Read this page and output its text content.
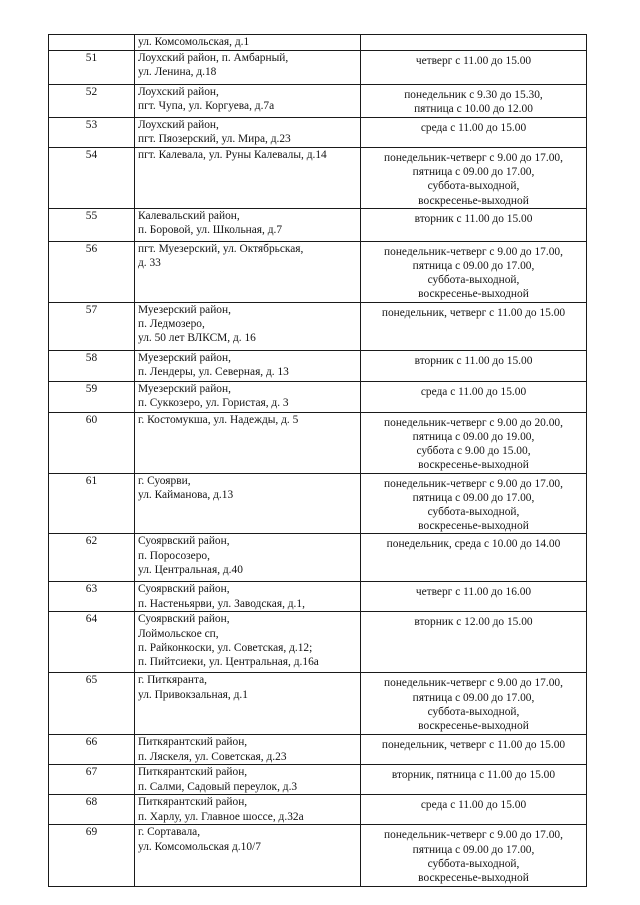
	ул. Комсомольская, д.1	

51	Лоухский район, п. Амбарный,
ул. Ленина, д.18	четверг с 11.00 до 15.00

52	Лоухский район,
пгт. Чупа, ул. Коргуева, д.7а	понедельник с 9.30 до 15.30,
пятница с 10.00 до 12.00

53	Лоухский район,
пгт. Пяозерский, ул. Мира, д.23	среда с 11.00 до 15.00

54	пгт. Калевала, ул. Руны Калевалы, д.14	понедельник-четверг с 9.00 до 17.00,
пятница с 09.00 до 17.00,
суббота-выходной,
воскресенье-выходной

55	Калевальский район,
п. Боровой, ул. Школьная, д.7	вторник с 11.00 до 15.00

56	пгт. Муезерский, ул. Октябрьская,
д. 33	понедельник-четверг с 9.00 до 17.00,
пятница с 09.00 до 17.00,
суббота-выходной,
воскресенье-выходной

57	Муезерский район,
п. Ледмозеро,
ул. 50 лет ВЛКСМ, д. 16	понедельник, четверг с 11.00 до 15.00

58	Муезерский район,
п. Лендеры, ул. Северная, д. 13	вторник с 11.00 до 15.00

59	Муезерский район,
п. Суккозеро, ул. Гористая, д. 3	среда с 11.00 до 15.00

60	г. Костомукша, ул. Надежды, д. 5	понедельник-четверг с 9.00 до 20.00,
пятница с 09.00 до 19.00,
суббота с 9.00 до 15.00,
воскресенье-выходной

61	г. Суоярви,
ул. Кайманова, д.13	понедельник-четверг с 9.00 до 17.00,
пятница с 09.00 до 17.00,
суббота-выходной,
воскресенье-выходной

62	Суоярвский район,
п. Поросозеро,
ул. Центральная, д.40	понедельник, среда с 10.00 до 14.00

63	Суоярвский район,
п. Настеньярви, ул. Заводская, д.1,	четверг с 11.00 до 16.00

64	Суоярвский район,
Лоймольское сп,
п. Райконкоски, ул. Советская, д.12;
п. Пийтсиеки, ул. Центральная, д.16а	вторник с 12.00 до 15.00

65	г. Питкяранта,
ул. Привокзальная, д.1	понедельник-четверг с 9.00 до 17.00,
пятница с 09.00 до 17.00,
суббота-выходной,
воскресенье-выходной

66	Питкярантский район,
п. Ляскеля, ул. Советская, д.23	понедельник, четверг с 11.00 до 15.00

67	Питкярантский район,
п. Салми, Садовый переулок, д.3	вторник, пятница с 11.00 до 15.00

68	Питкярантский район,
п. Харлу, ул. Главное шоссе, д.32а	среда с 11.00 до 15.00

69	г. Сортавала,
ул. Комсомольская д.10/7	понедельник-четверг с 9.00 до 17.00,
пятница с 09.00 до 17.00,
суббота-выходной,
воскресенье-выходной
